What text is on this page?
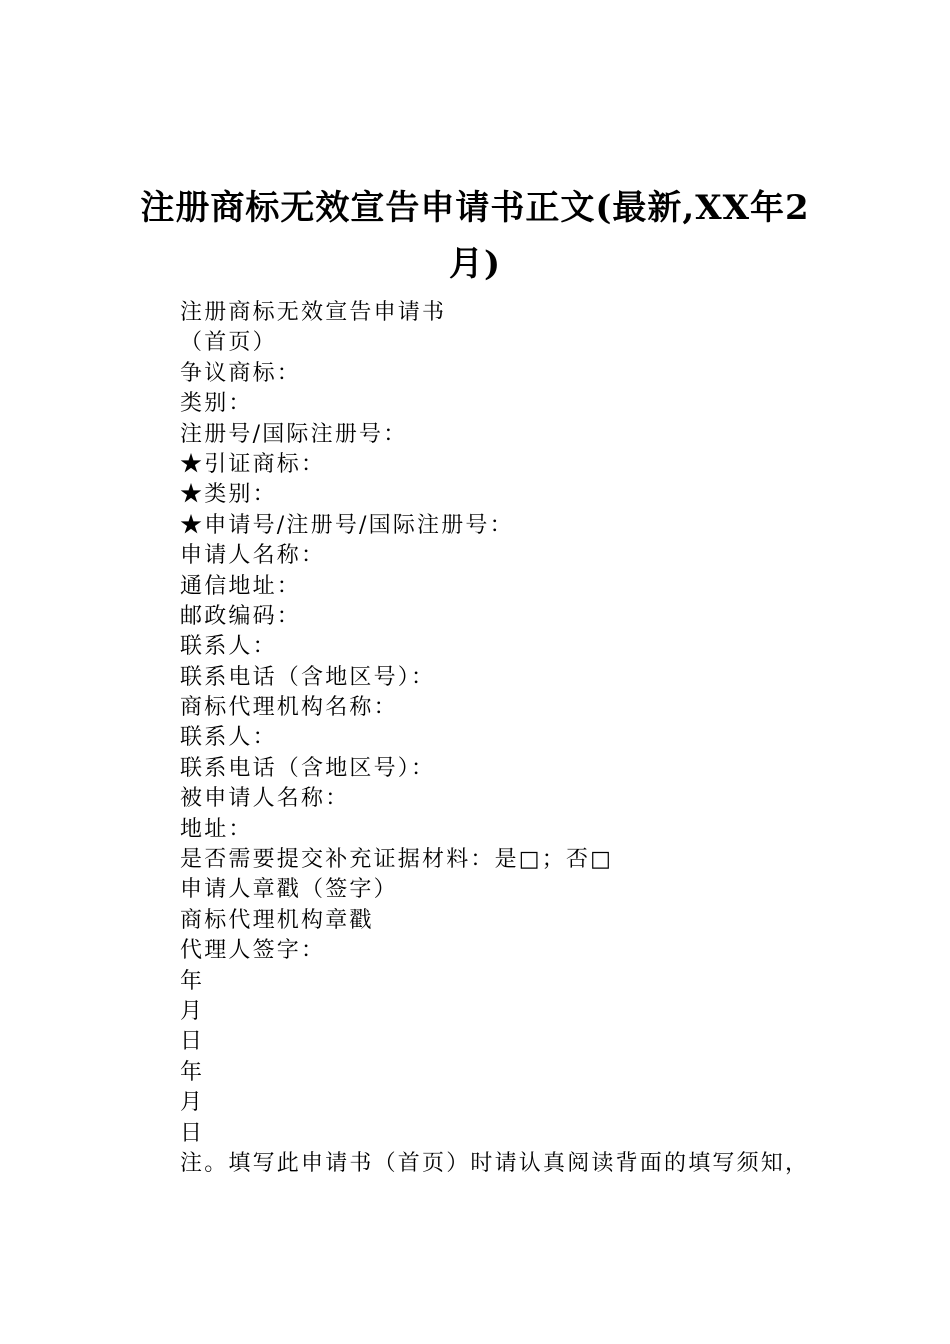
注册商标无效宣告申请书正文(最新,XX年2
月)
注册商标无效宣告申请书
（首页）
争议商标：
类别：
注册号/国际注册号：
★引证商标：
★类别：
★申请号/注册号/国际注册号：
申请人名称：
通信地址：
邮政编码：
联系人：
联系电话（含地区号）：
商标代理机构名称：
联系人：
联系电话（含地区号）：
被申请人名称：
地址：
是否需要提交补充证据材料：是□；否□
申请人章戳（签字）
商标代理机构章戳
代理人签字：
年
月
日
年
月
日
注。填写此申请书（首页）时请认真阅读背面的填写须知，
